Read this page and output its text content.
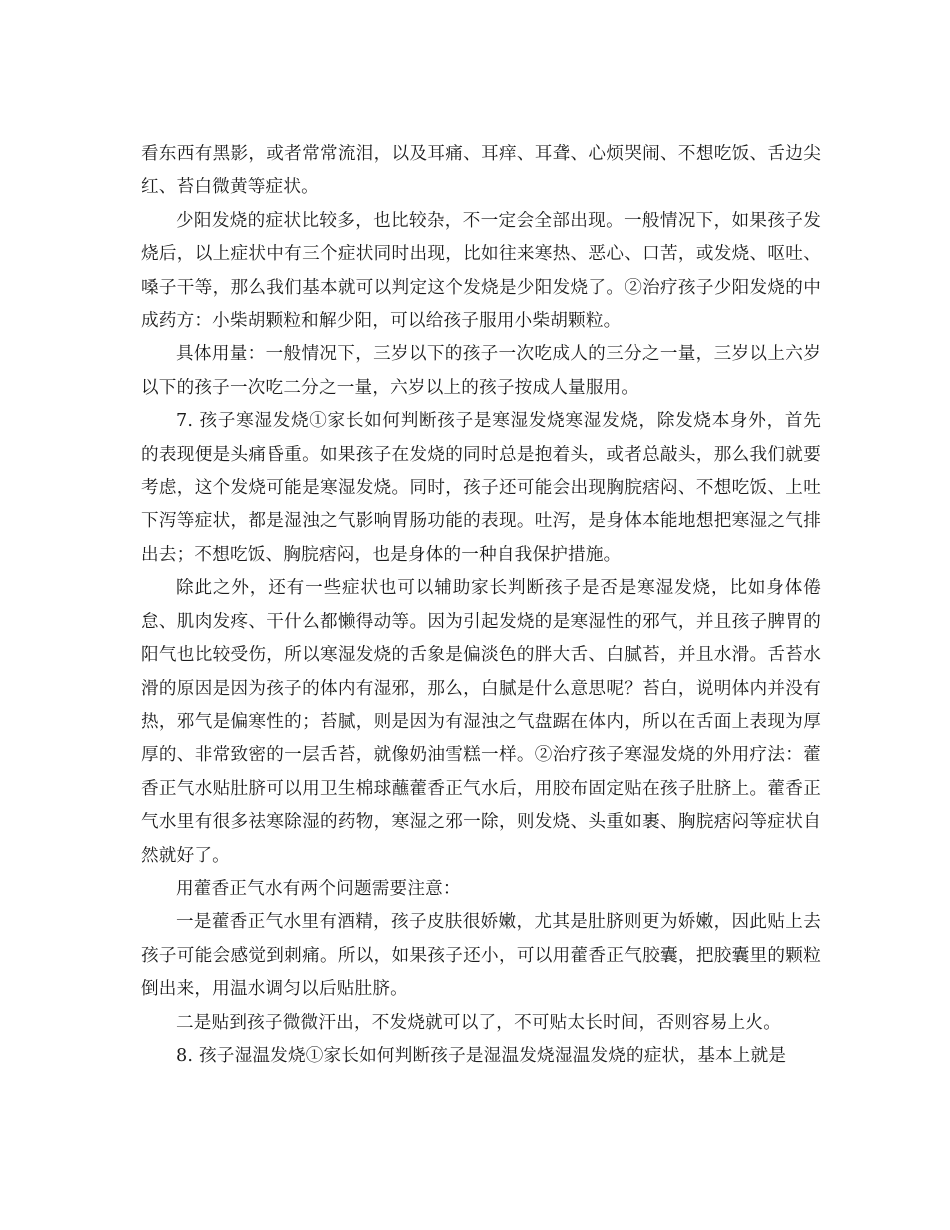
看东西有黑影，或者常常流泪，以及耳痛、耳痒、耳聋、心烦哭闹、不想吃饭、舌边尖红、苔白微黄等症状。

少阳发烧的症状比较多，也比较杂，不一定会全部出现。一般情况下，如果孩子发烧后，以上症状中有三个症状同时出现，比如往来寒热、恶心、口苦，或发烧、呕吐、嗓子干等，那么我们基本就可以判定这个发烧是少阳发烧了。②治疗孩子少阳发烧的中成药方：小柴胡颗粒和解少阳，可以给孩子服用小柴胡颗粒。

具体用量：一般情况下，三岁以下的孩子一次吃成人的三分之一量，三岁以上六岁以下的孩子一次吃二分之一量，六岁以上的孩子按成人量服用。

7. 孩子寒湿发烧①家长如何判断孩子是寒湿发烧寒湿发烧，除发烧本身外，首先的表现便是头痛昏重。如果孩子在发烧的同时总是抱着头，或者总敲头，那么我们就要考虑，这个发烧可能是寒湿发烧。同时，孩子还可能会出现胸脘痞闷、不想吃饭、上吐下泻等症状，都是湿浊之气影响胃肠功能的表现。吐泻，是身体本能地想把寒湿之气排出去；不想吃饭、胸脘痞闷，也是身体的一种自我保护措施。

除此之外，还有一些症状也可以辅助家长判断孩子是否是寒湿发烧，比如身体倦怠、肌肉发疼、干什么都懒得动等。因为引起发烧的是寒湿性的邪气，并且孩子脾胃的阳气也比较受伤，所以寒湿发烧的舌象是偏淡色的胖大舌、白腻苔，并且水滑。舌苔水滑的原因是因为孩子的体内有湿邪，那么，白腻是什么意思呢？苔白，说明体内并没有热，邪气是偏寒性的；苔腻，则是因为有湿浊之气盘踞在体内，所以在舌面上表现为厚厚的、非常致密的一层舌苔，就像奶油雪糕一样。②治疗孩子寒湿发烧的外用疗法：藿香正气水贴肚脐可以用卫生棉球蘸藿香正气水后，用胶布固定贴在孩子肚脐上。藿香正气水里有很多祛寒除湿的药物，寒湿之邪一除，则发烧、头重如裹、胸脘痞闷等症状自然就好了。

用藿香正气水有两个问题需要注意：

一是藿香正气水里有酒精，孩子皮肤很娇嫩，尤其是肚脐则更为娇嫩，因此贴上去孩子可能会感觉到刺痛。所以，如果孩子还小，可以用藿香正气胶囊，把胶囊里的颗粒倒出来，用温水调匀以后贴肚脐。

二是贴到孩子微微汗出，不发烧就可以了，不可贴太长时间，否则容易上火。

8. 孩子湿温发烧①家长如何判断孩子是湿温发烧湿温发烧的症状，基本上就是
